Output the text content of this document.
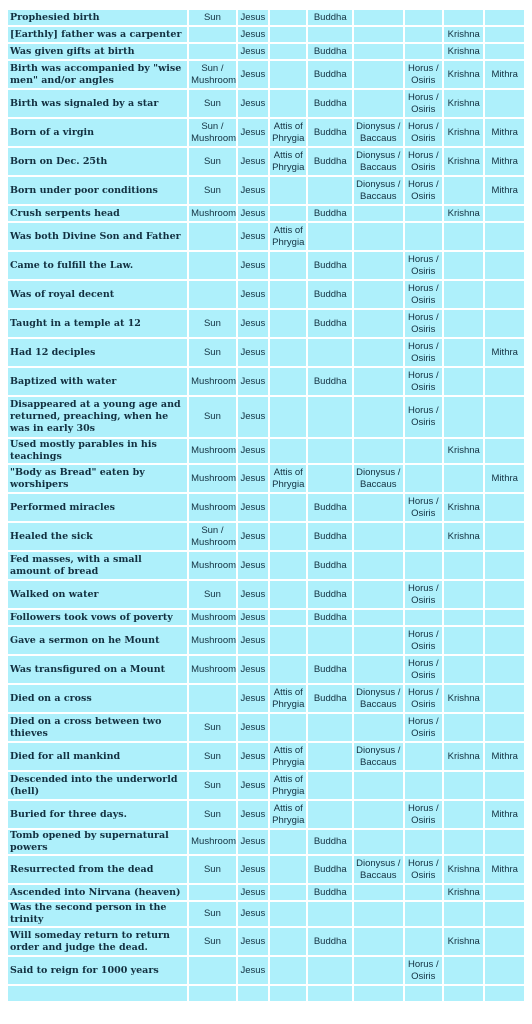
Prophesied birth	Sun	Jesus		Buddha				
[Earthly] father was a carpenter		Jesus					Krishna	
Was given gifts at birth		Jesus		Buddha			Krishna	
Birth was accompanied by "wise men" and/or angles	Sun / Mushroom	Jesus		Buddha		Horus / Osiris	Krishna	Mithra
Birth was signaled by a star	Sun	Jesus		Buddha		Horus / Osiris	Krishna	
Born of a virgin	Sun / Mushroom	Jesus	Attis of Phrygia	Buddha	Dionysus / Baccaus	Horus / Osiris	Krishna	Mithra
Born on Dec. 25th	Sun	Jesus	Attis of Phrygia	Buddha	Dionysus / Baccaus	Horus / Osiris	Krishna	Mithra
Born under poor conditions	Sun	Jesus			Dionysus / Baccaus	Horus / Osiris		Mithra
Crush serpents head	Mushroom	Jesus		Buddha			Krishna	
Was both Divine Son and Father		Jesus	Attis of Phrygia					
Came to fulfill the Law.		Jesus		Buddha		Horus / Osiris		
Was of royal decent		Jesus		Buddha		Horus / Osiris		
Taught in a temple at 12	Sun	Jesus		Buddha		Horus / Osiris		
Had 12 deciples	Sun	Jesus				Horus / Osiris		Mithra
Baptized with water	Mushroom	Jesus		Buddha		Horus / Osiris		
Disappeared at a young age and returned, preaching, when he was in early 30s	Sun	Jesus				Horus / Osiris		
Used mostly parables in his teachings	Mushroom	Jesus					Krishna	
"Body as Bread" eaten by worshipers	Mushroom	Jesus	Attis of Phrygia		Dionysus / Baccaus			Mithra
Performed miracles	Mushroom	Jesus		Buddha		Horus / Osiris	Krishna	
Healed the sick	Sun / Mushroom	Jesus		Buddha			Krishna	
Fed masses, with a small amount of bread	Mushroom	Jesus		Buddha				
Walked on water	Sun	Jesus		Buddha		Horus / Osiris		
Followers took vows of poverty	Mushroom	Jesus		Buddha				
Gave a sermon on he Mount	Mushroom	Jesus				Horus / Osiris		
Was transfigured on a Mount	Mushroom	Jesus		Buddha		Horus / Osiris		
Died on a cross		Jesus	Attis of Phrygia	Buddha	Dionysus / Baccaus	Horus / Osiris	Krishna	
Died on a cross between two thieves	Sun	Jesus				Horus / Osiris		
Died for all mankind	Sun	Jesus	Attis of Phrygia		Dionysus / Baccaus		Krishna	Mithra
Descended into the underworld (hell)	Sun	Jesus	Attis of Phrygia					
Buried for three days.	Sun	Jesus	Attis of Phrygia			Horus / Osiris		Mithra
Tomb opened by supernatural powers	Mushroom	Jesus		Buddha				
Resurrected from the dead	Sun	Jesus		Buddha	Dionysus / Baccaus	Horus / Osiris	Krishna	Mithra
Ascended into Nirvana (heaven)		Jesus		Buddha			Krishna	
Was the second person in the trinity	Sun	Jesus						
Will someday return to return order and judge the dead.	Sun	Jesus		Buddha			Krishna	
Said to reign for 1000 years		Jesus				Horus / Osiris		
